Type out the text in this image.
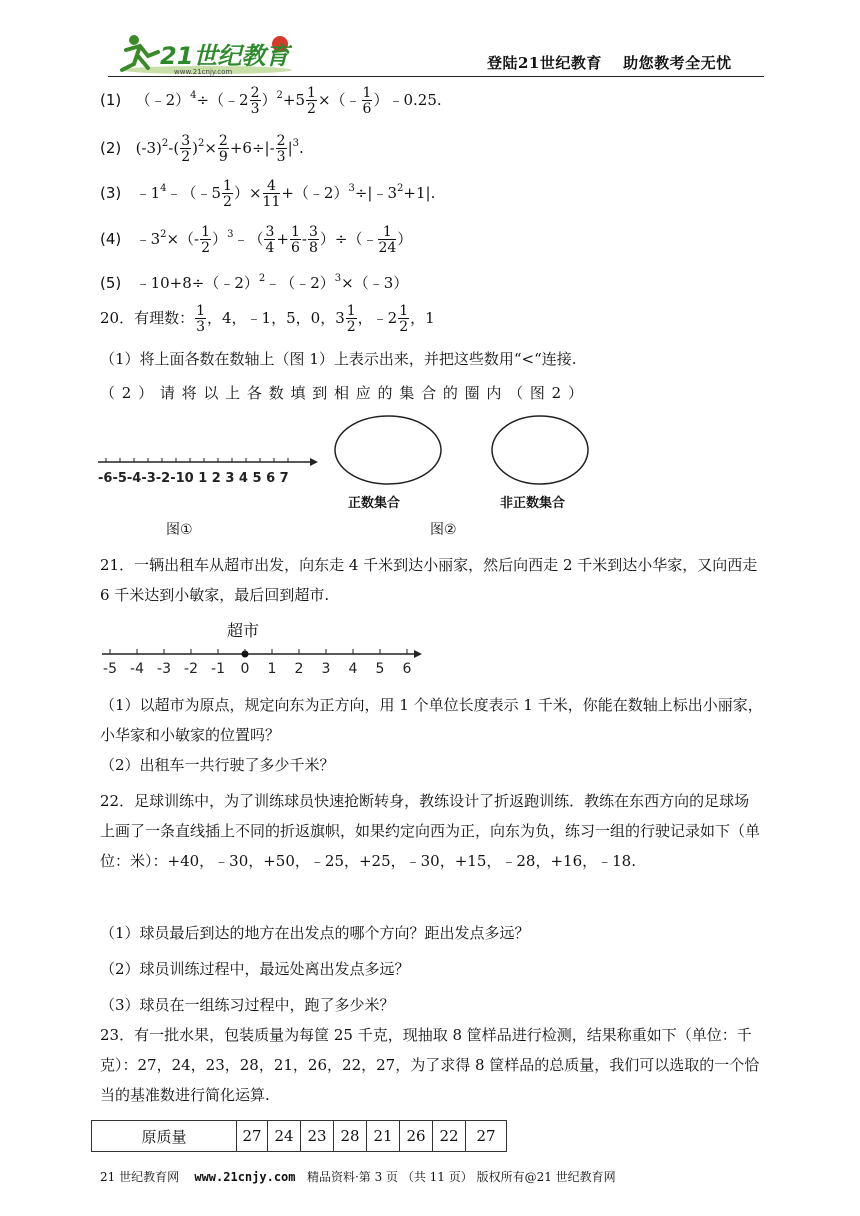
21世纪教育
www.21cnjy.com	登陆21世纪教育　 助您教考全无忧
(1) （﹣2）$^4$÷（﹣2 $\frac{2}{3} )^2+5 \frac{1}{2}$ ×（﹣ $\frac{1}{6}$ ）﹣0.25.
(2) $(-3)^2-( \frac{3}{2} )^2\times \frac{2}{9} +6\div|- \frac{2}{3} |^3$.
(3) $﹣1^4﹣(﹣5 \frac{1}{2}$ ）× $\frac{4}{11}$ $+(﹣2)^3\div|﹣3^2+1|$.
(4) $﹣3^2\times(- \frac{1}{2}$ ）$^3$﹣（ $\frac{3}{4} + \frac{1}{6} - \frac{3}{8}$ ）÷（﹣ $\frac{1}{24}$ ）
(5) ﹣10+8÷（﹣2）$^2$﹣（﹣2）$^3$×（﹣3）
20．有理数： $\frac{1}{3}$ ，4，﹣1，5，0，$3 \frac{1}{2}$ ，﹣2 $\frac{1}{2}$ ，1
（1）将上面各数在数轴上（图 1）上表示出来，并把这些数用“<“连接.
（ 2 ） 请 将 以 上 各 数 填 到 相 应 的 集 合 的 圈 内 （ 图 2 ）
-6-5-4-3-2-10 1 2 3 4 5 6 7
正数集合	非正数集合
图①	图②
21．一辆出租车从超市出发，向东走 4 千米到达小丽家，然后向西走 2 千米到达小华家，又向西走 6 千米达到小敏家，最后回到超市.
超市
-5 -4 -3 -2 -1 0 1 2 3 4 5 6
（1）以超市为原点，规定向东为正方向，用 1 个单位长度表示 1 千米，你能在数轴上标出小丽家，小华家和小敏家的位置吗？
（2）出租车一共行驶了多少千米？
22．足球训练中，为了训练球员快速抢断转身，教练设计了折返跑训练．教练在东西方向的足球场上画了一条直线插上不同的折返旗帜，如果约定向西为正，向东为负，练习一组的行驶记录如下（单位：米）：+40，﹣30，+50，﹣25，+25，﹣30，+15，﹣28，+16，﹣18.
（1）球员最后到达的地方在出发点的哪个方向？距出发点多远？
（2）球员训练过程中，最远处离出发点多远？
（3）球员在一组练习过程中，跑了多少米？
23．有一批水果，包装质量为每筐 25 千克，现抽取 8 筐样品进行检测，结果称重如下（单位：千克）：27，24，23，28，21，26，22，27，为了求得 8 筐样品的总质量，我们可以选取的一个恰当的基准数进行简化运算.
原质量	27	24	23	28	21	26	22	27
21 世纪教育网 www.21cnjy.com 精品资料·第 3 页 （共 11 页） 版权所有@21 世纪教育网
